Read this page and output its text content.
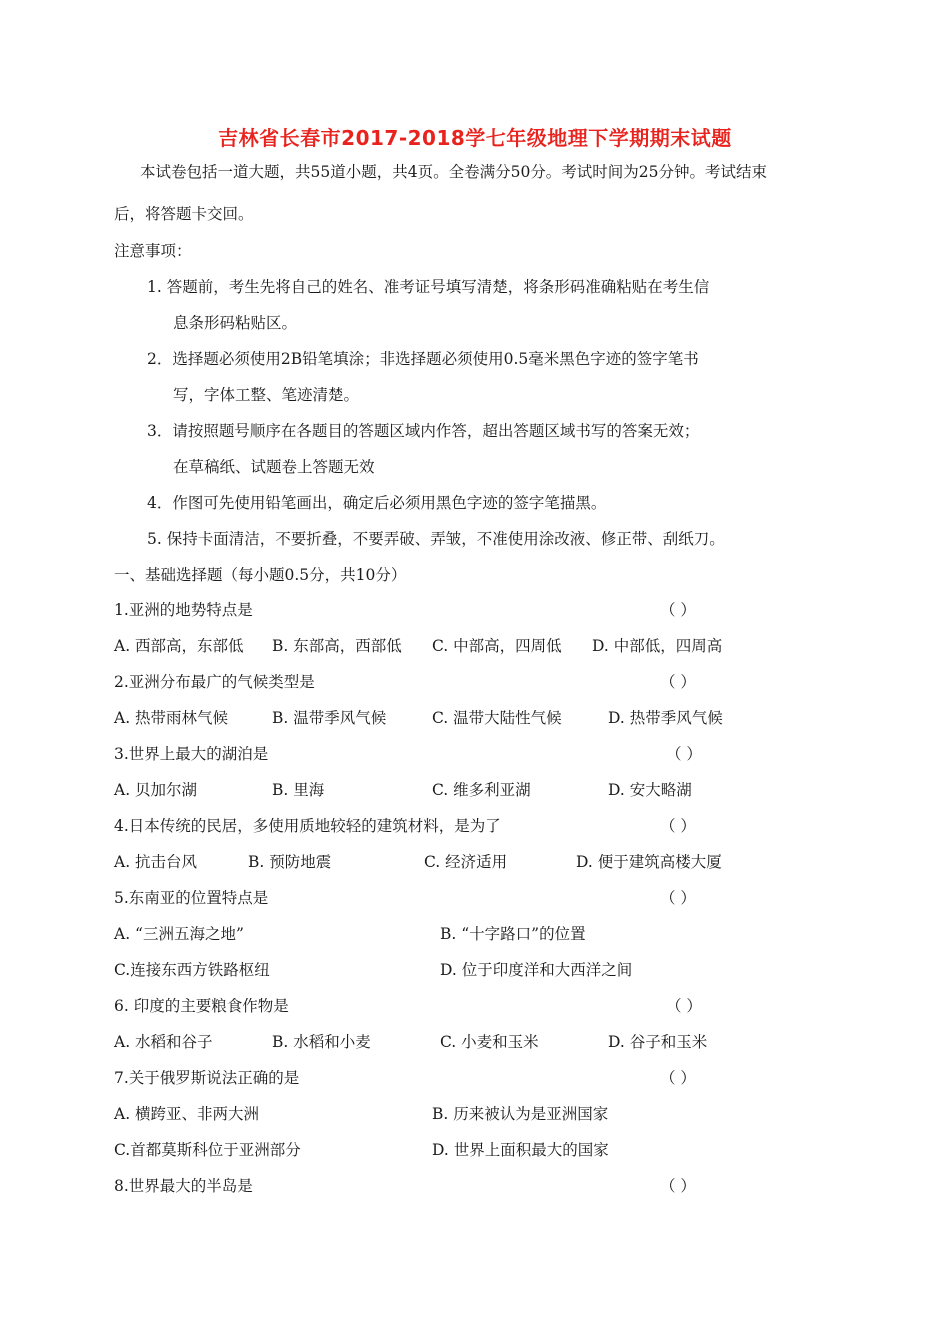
吉林省长春市2017-2018学七年级地理下学期期末试题
本试卷包括一道大题，共55道小题，共4页。全卷满分50分。考试时间为25分钟。考试结束
后，将答题卡交回。
注意事项：
1. 答题前，考生先将自己的姓名、准考证号填写清楚，将条形码准确粘贴在考生信
息条形码粘贴区。
2．选择题必须使用2B铅笔填涂；非选择题必须使用0.5毫米黑色字迹的签字笔书
写，字体工整、笔迹清楚。
3．请按照题号顺序在各题目的答题区域内作答，超出答题区域书写的答案无效；
在草稿纸、试题卷上答题无效
4．作图可先使用铅笔画出，确定后必须用黑色字迹的签字笔描黑。
5. 保持卡面清洁，不要折叠，不要弄破、弄皱，不准使用涂改液、修正带、刮纸刀。
一、基础选择题（每小题0.5分，共10分）
1.亚洲的地势特点是	（ ）
A. 西部高，东部低 B. 东部高，西部低 C. 中部高，四周低 D. 中部低，四周高
2.亚洲分布最广的气候类型是	（ ）
A. 热带雨林气候	B. 温带季风气候	C. 温带大陆性气候	D. 热带季风气候
3.世界上最大的湖泊是	（ ）
A. 贝加尔湖	B. 里海	C. 维多利亚湖	D. 安大略湖
4.日本传统的民居，多使用质地较轻的建筑材料，是为了	（ ）
A. 抗击台风	B. 预防地震	C. 经济适用	D. 便于建筑高楼大厦
5.东南亚的位置特点是	（ ）
A. “三洲五海之地”	B. “十字路口”的位置
C.连接东西方铁路枢纽	D. 位于印度洋和大西洋之间
6. 印度的主要粮食作物是	（ ）
A. 水稻和谷子	B. 水稻和小麦	C. 小麦和玉米	D. 谷子和玉米
7.关于俄罗斯说法正确的是	（ ）
A. 横跨亚、非两大洲	B. 历来被认为是亚洲国家
C.首都莫斯科位于亚洲部分	D. 世界上面积最大的国家
8.世界最大的半岛是	（ ）
